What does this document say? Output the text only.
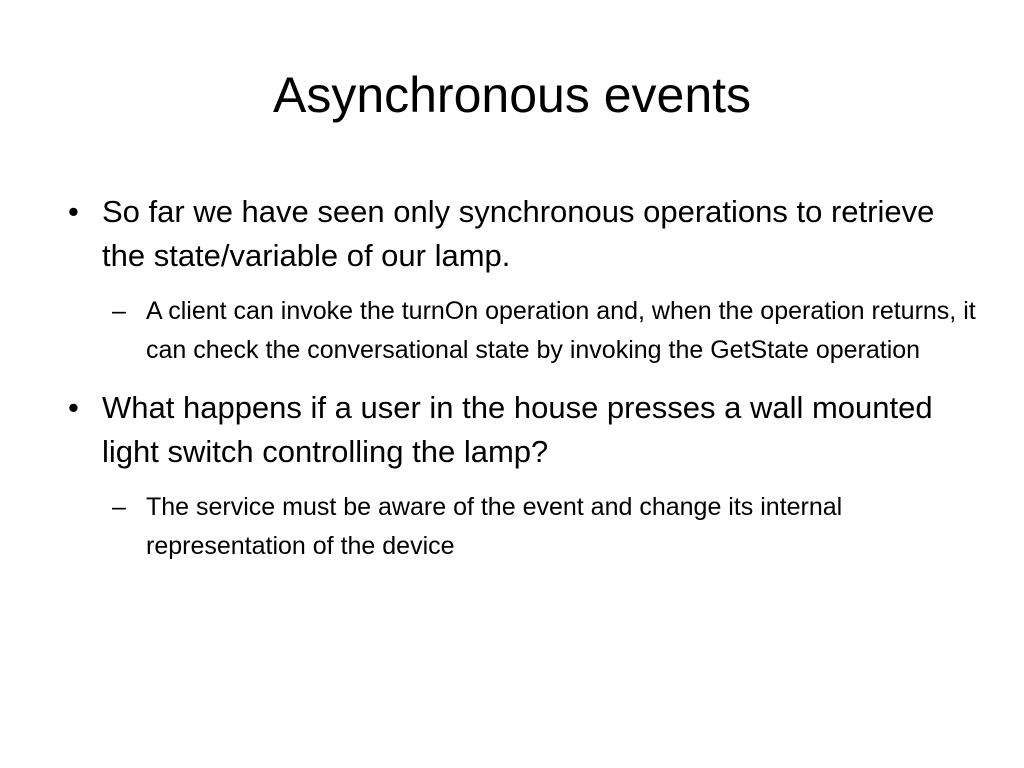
Asynchronous events
• So far we have seen only synchronous operations to retrieve the state/variable of our lamp.
– A client can invoke the turnOn operation and, when the operation returns, it can check the conversational state by invoking the GetState operation
• What happens if a user in the house presses a wall mounted light switch controlling the lamp?
– The service must be aware of the event and change its internal representation of the device
